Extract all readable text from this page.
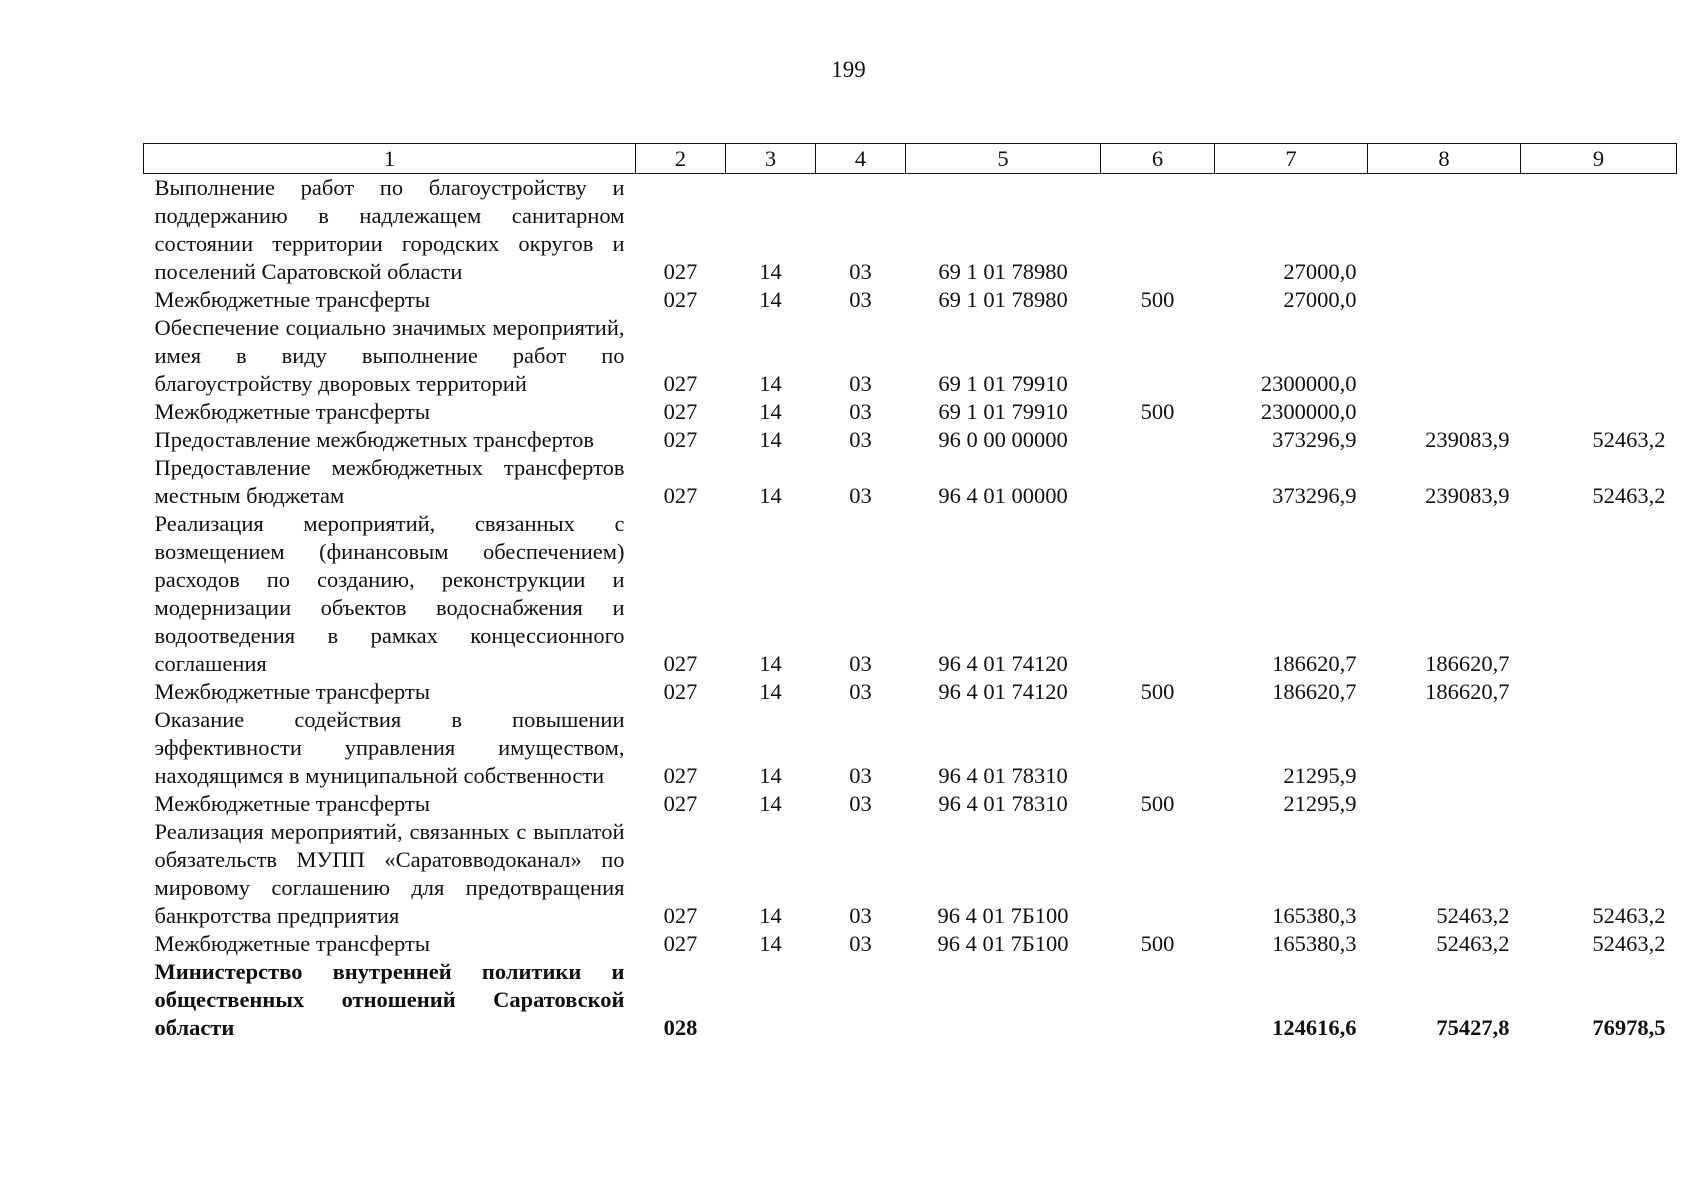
199
1	2	3	4	5	6	7	8	9
Выполнение работ по благоустройству и поддержанию в надлежащем санитарном состоянии территории городских округов и поселений Саратовской области	027	14	03	69 1 01 78980		27000,0		
Межбюджетные трансферты	027	14	03	69 1 01 78980	500	27000,0		
Обеспечение социально значимых мероприятий, имея в виду выполнение работ по благоустройству дворовых территорий	027	14	03	69 1 01 79910		2300000,0		
Межбюджетные трансферты	027	14	03	69 1 01 79910	500	2300000,0		
Предоставление межбюджетных трансфертов	027	14	03	96 0 00 00000		373296,9	239083,9	52463,2
Предоставление межбюджетных трансфертов местным бюджетам	027	14	03	96 4 01 00000		373296,9	239083,9	52463,2
Реализация мероприятий, связанных с возмещением (финансовым обеспечением) расходов по созданию, реконструкции и модернизации объектов водоснабжения и водоотведения в рамках концессионного соглашения	027	14	03	96 4 01 74120		186620,7	186620,7	
Межбюджетные трансферты	027	14	03	96 4 01 74120	500	186620,7	186620,7	
Оказание содействия в повышении эффективности управления имуществом, находящимся в муниципальной собственности	027	14	03	96 4 01 78310		21295,9		
Межбюджетные трансферты	027	14	03	96 4 01 78310	500	21295,9		
Реализация мероприятий, связанных с выплатой обязательств МУПП «Саратовводоканал» по мировому соглашению для предотвращения банкротства предприятия	027	14	03	96 4 01 7Б100		165380,3	52463,2	52463,2
Межбюджетные трансферты	027	14	03	96 4 01 7Б100	500	165380,3	52463,2	52463,2
Министерство внутренней политики и общественных отношений Саратовской области	028					124616,6	75427,8	76978,5
